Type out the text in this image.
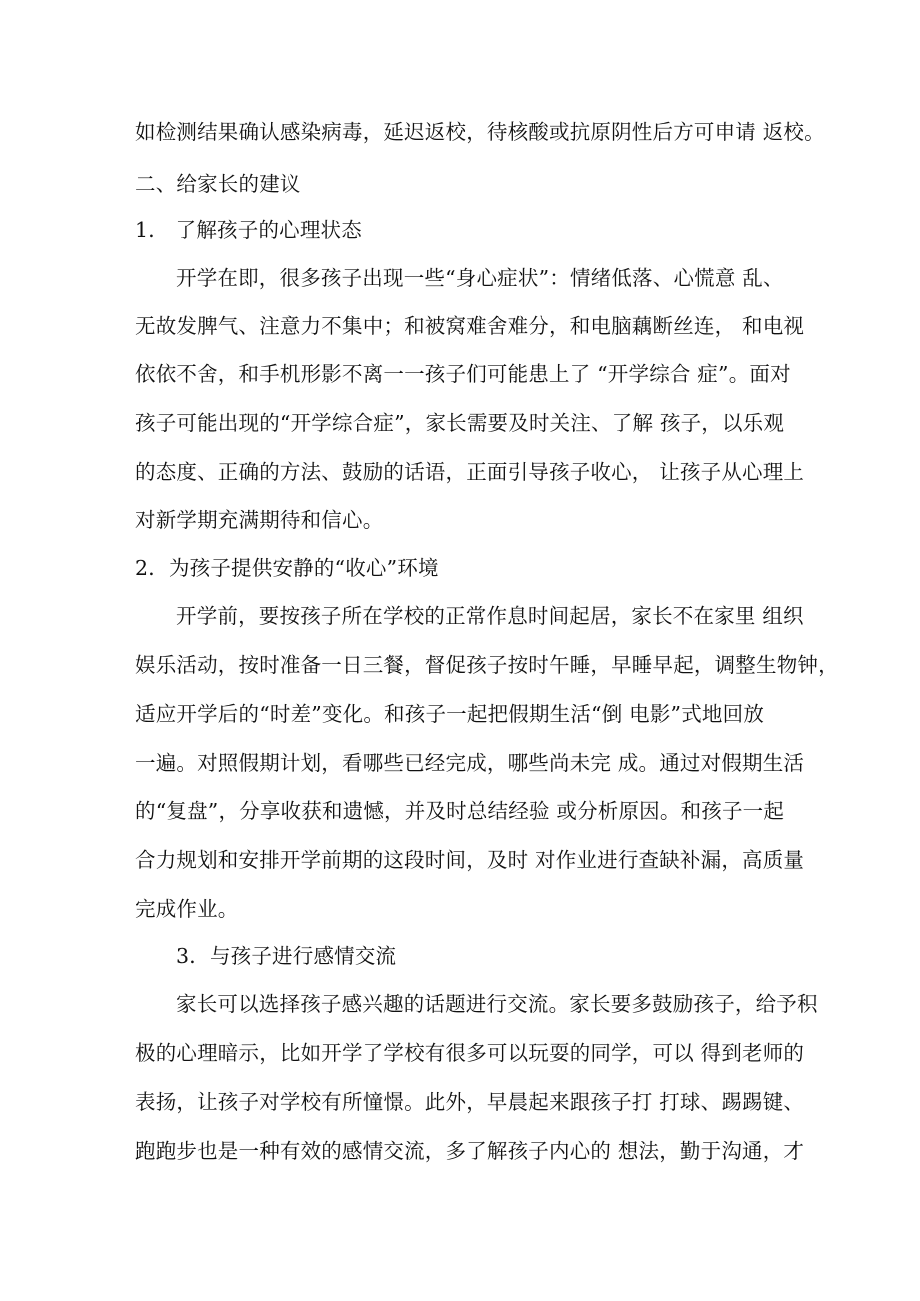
如检测结果确认感染病毒，延迟返校，待核酸或抗原阴性后方可申请 返校。
二、给家长的建议
1． 了解孩子的心理状态
开学在即，很多孩子出现一些“身心症状”：情绪低落、心慌意 乱、
无故发脾气、注意力不集中；和被窝难舍难分，和电脑藕断丝连， 和电视
依依不舍，和手机形影不离一一孩子们可能患上了 “开学综合 症”。面对
孩子可能出现的“开学综合症”，家长需要及时关注、了解 孩子，以乐观
的态度、正确的方法、鼓励的话语，正面引导孩子收心， 让孩子从心理上
对新学期充满期待和信心。
2．为孩子提供安静的“收心”环境
开学前，要按孩子所在学校的正常作息时间起居，家长不在家里 组织
娱乐活动，按时准备一日三餐，督促孩子按时午睡，早睡早起，调整生物钟，
适应开学后的“时差”变化。和孩子一起把假期生活“倒 电影”式地回放
一遍。对照假期计划，看哪些已经完成，哪些尚未完 成。通过对假期生活
的“复盘”，分享收获和遗憾，并及时总结经验 或分析原因。和孩子一起
合力规划和安排开学前期的这段时间，及时 对作业进行查缺补漏，高质量
完成作业。
3．与孩子进行感情交流
家长可以选择孩子感兴趣的话题进行交流。家长要多鼓励孩子，给予积
极的心理暗示，比如开学了学校有很多可以玩耍的同学，可以 得到老师的
表扬，让孩子对学校有所憧憬。此外，早晨起来跟孩子打 打球、踢踢键、
跑跑步也是一种有效的感情交流，多了解孩子内心的 想法，勤于沟通，才
